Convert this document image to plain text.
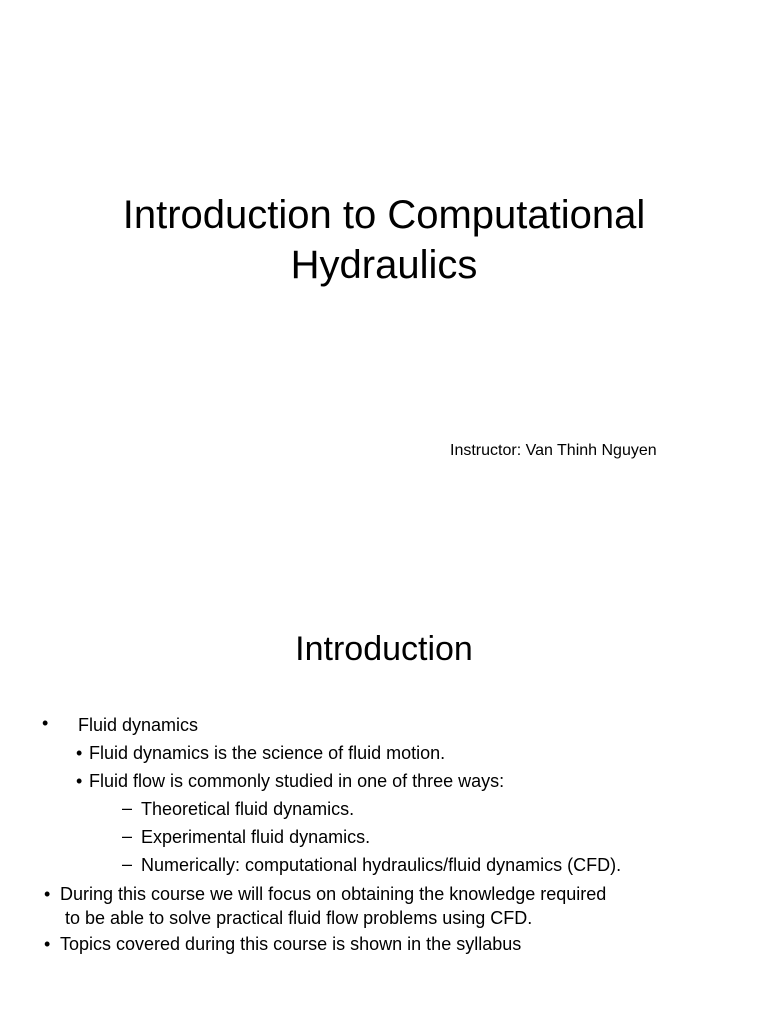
Introduction to Computational
Hydraulics
Instructor: Van Thinh Nguyen
Introduction
• Fluid dynamics
• Fluid dynamics is the science of fluid motion.
• Fluid flow is commonly studied in one of three ways:
– Theoretical fluid dynamics.
– Experimental fluid dynamics.
– Numerically: computational hydraulics/fluid dynamics (CFD).
• During this course we will focus on obtaining the knowledge required
to be able to solve practical fluid flow problems using CFD.
• Topics covered during this course is shown in the syllabus
